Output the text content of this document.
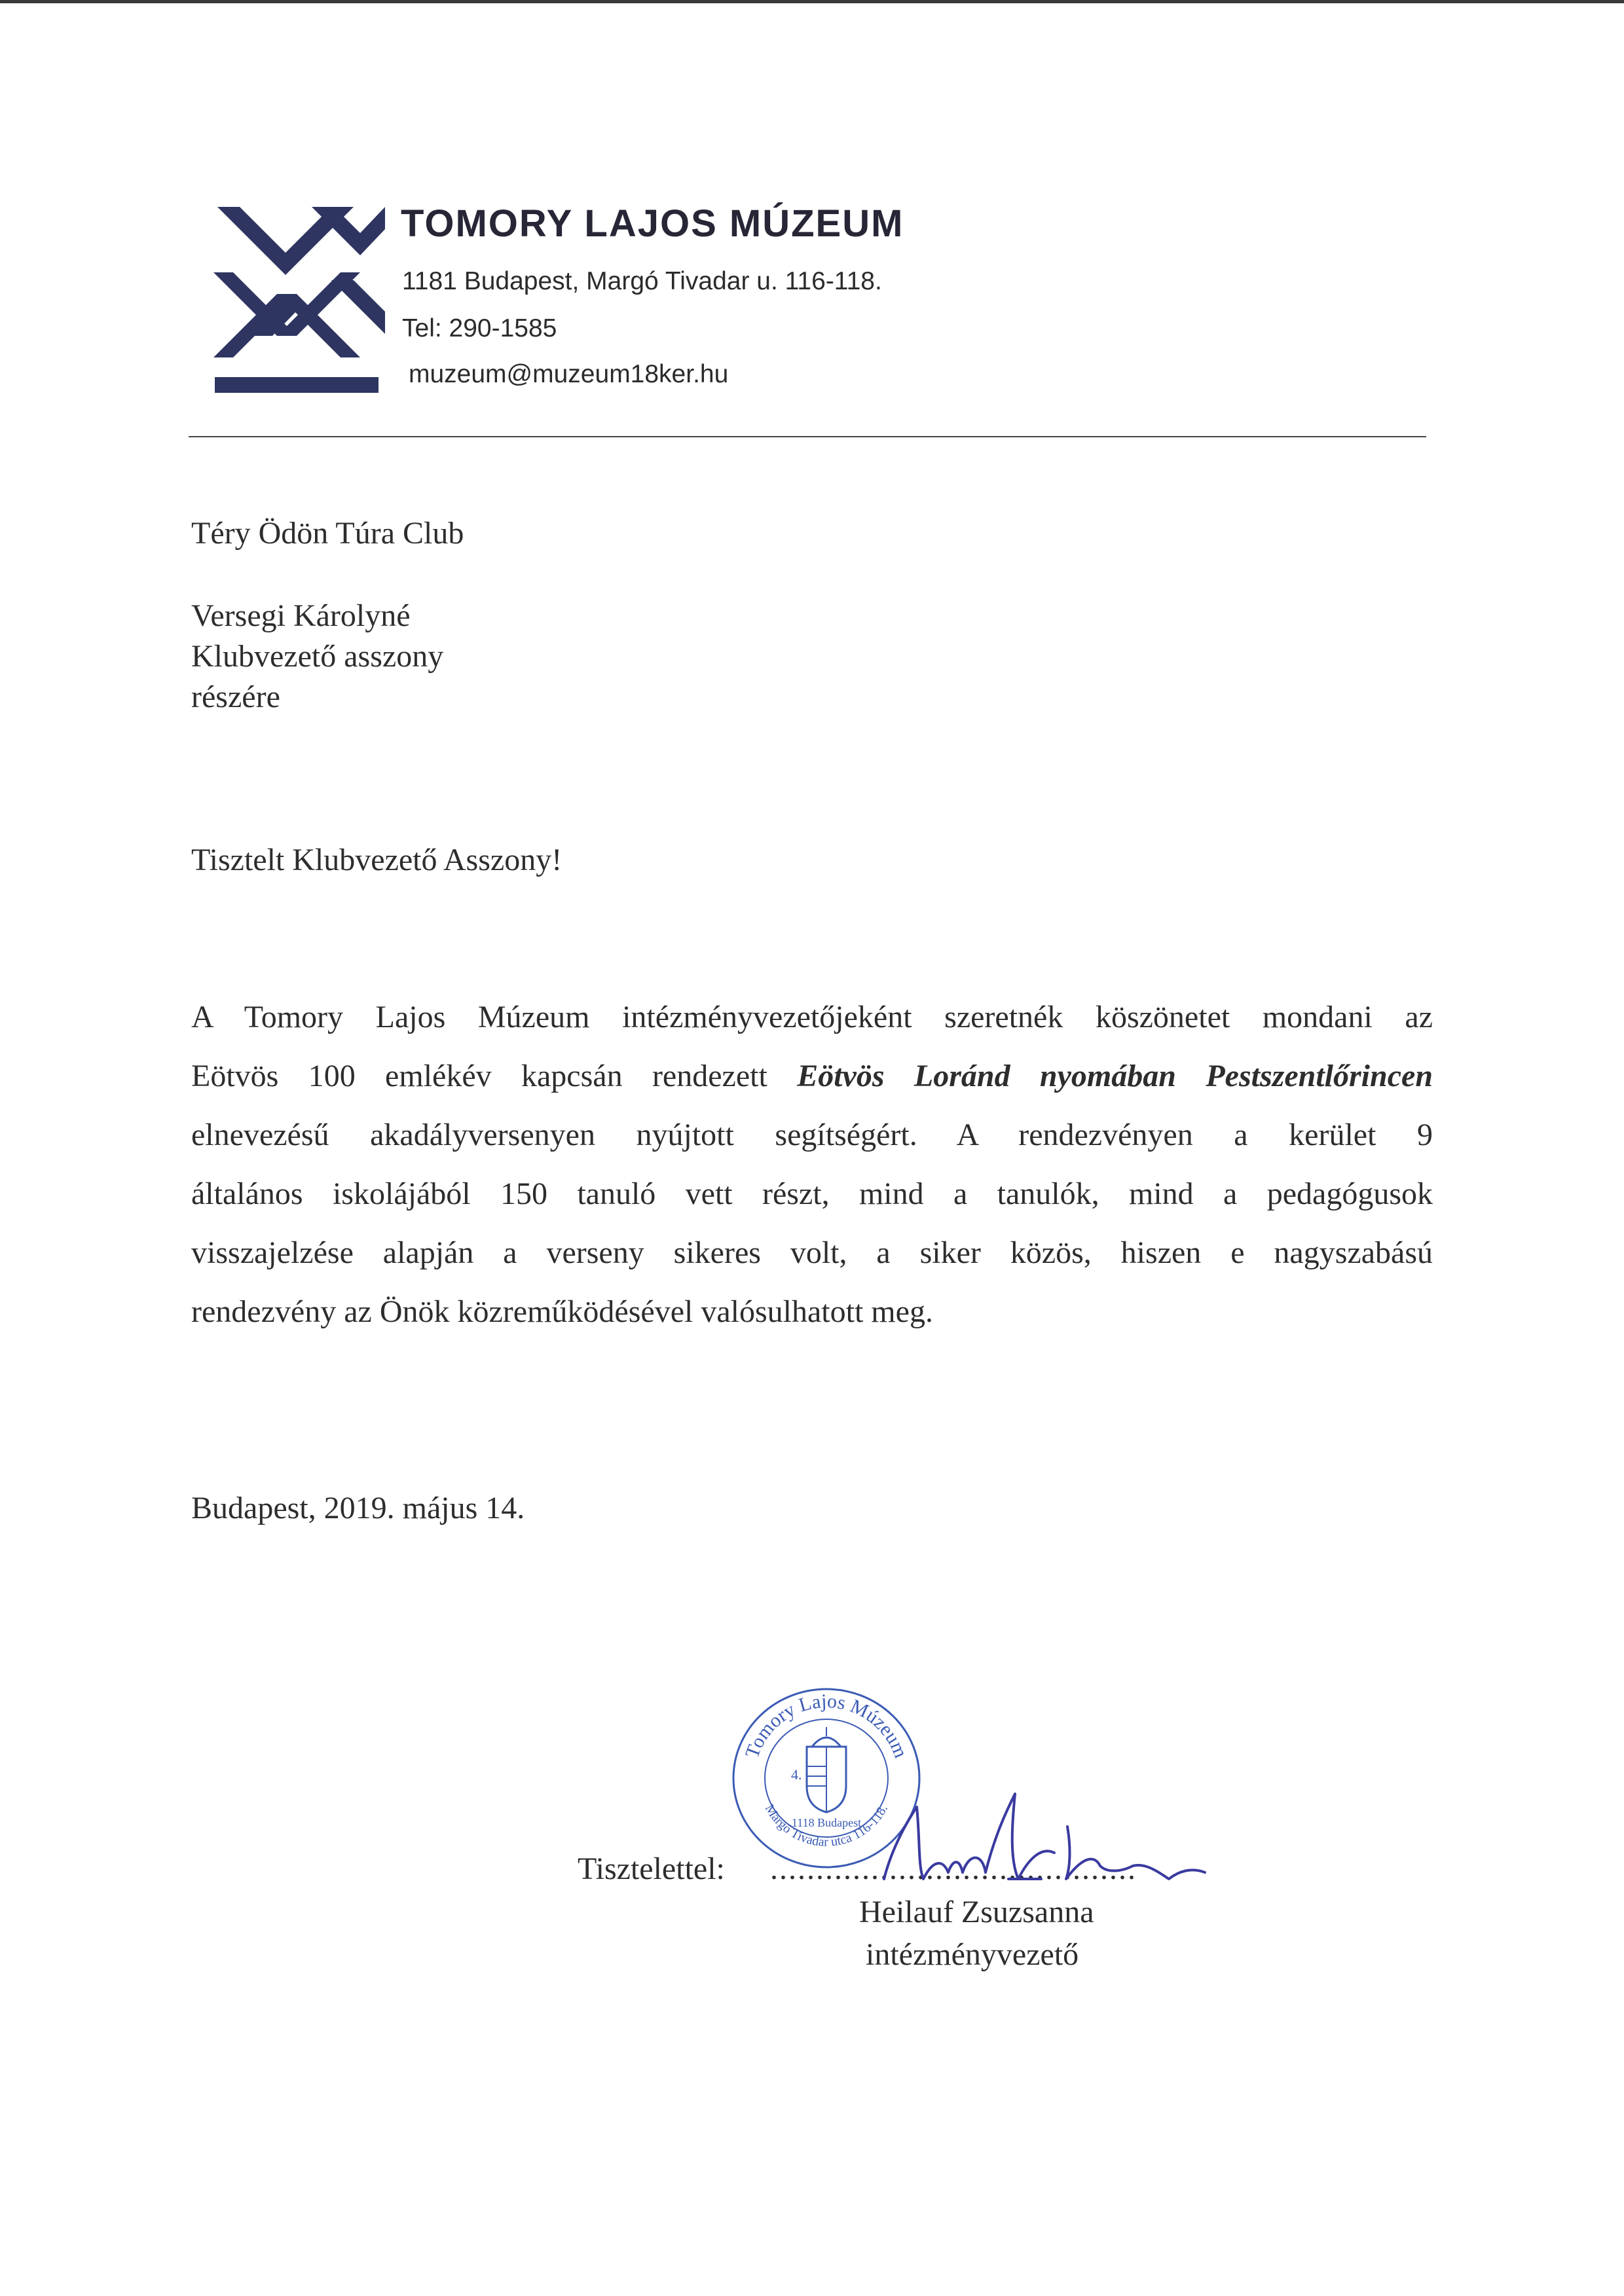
TOMORY LAJOS MÚZEUM
1181 Budapest, Margó Tivadar u. 116-118.
Tel: 290-1585
muzeum@muzeum18ker.hu
Téry Ödön Túra Club
Versegi Károlyné
Klubvezető asszony
részére
Tisztelt Klubvezető Asszony!
A Tomory Lajos Múzeum intézményvezetőjeként szeretnék köszönetet mondani az
Eötvös 100 emlékév kapcsán rendezett Eötvös Loránd nyomában Pestszentlőrincen
elnevezésű akadályversenyen nyújtott segítségért. A rendezvényen a kerület 9
általános iskolájából 150 tanuló vett részt, mind a tanulók, mind a pedagógusok
visszajelzése alapján a verseny sikeres volt, a siker közös, hiszen e nagyszabású
rendezvény az Önök közreműködésével valósulhatott meg.
Budapest, 2019. május 14.
Tomory Lajos Múzeum
4.
Margó Tivadar utca 116-118.
1118 Budapest
Tisztelettel: ........................................
Heilauf Zsuzsanna
intézményvezető
